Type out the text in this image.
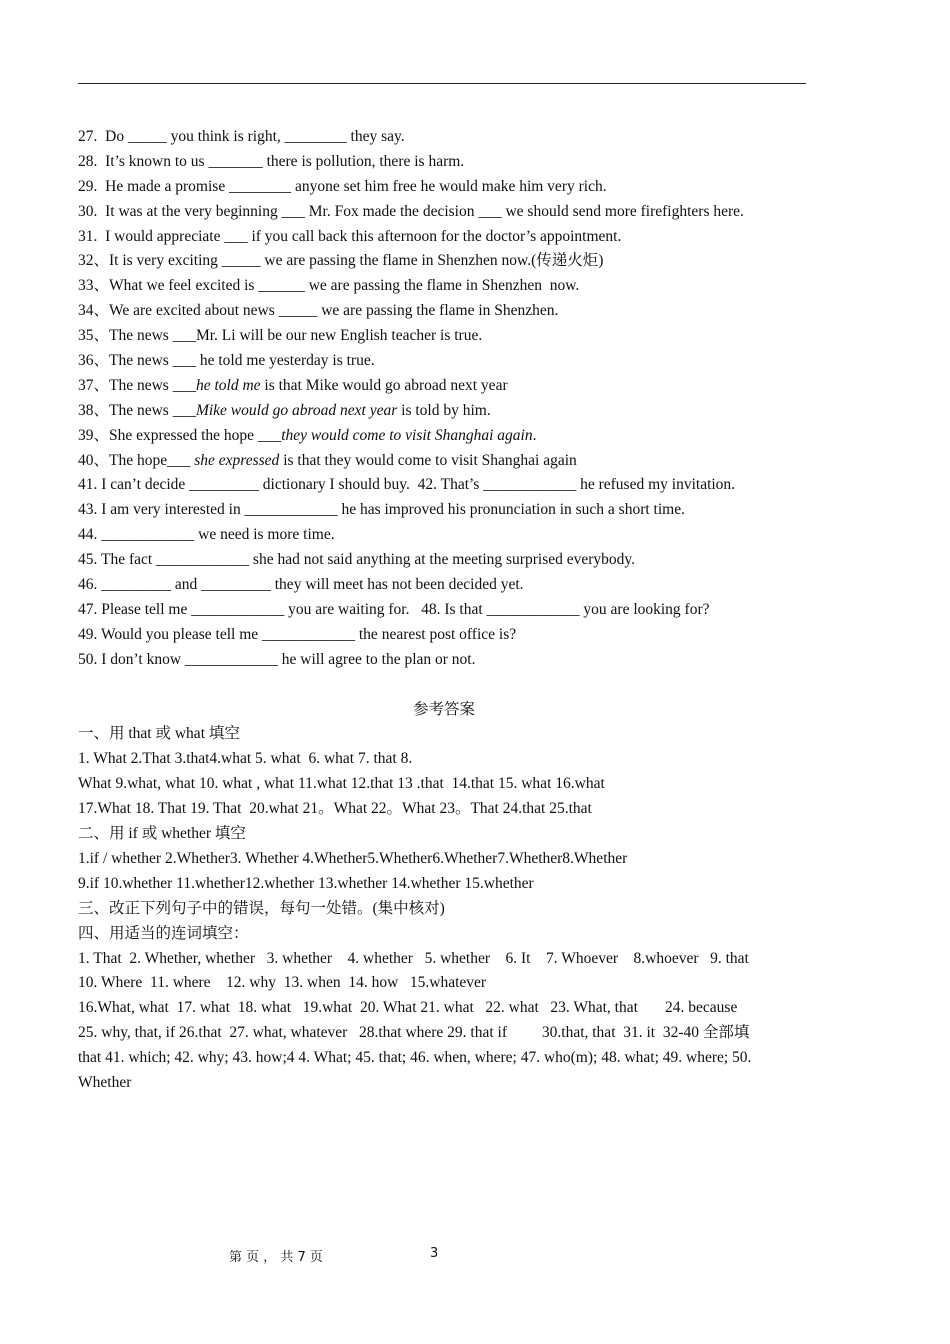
27.  Do _____ you think is right, ________ they say.
28.  It’s known to us _______ there is pollution, there is harm.
29.  He made a promise ________ anyone set him free he would make him very rich.
30.  It was at the very beginning ___ Mr. Fox made the decision ___ we should send more firefighters here.
31.  I would appreciate ___ if you call back this afternoon for the doctor’s appointment.
32、It is very exciting _____ we are passing the flame in Shenzhen now.(传递火炬)
33、What we feel excited is ______ we are passing the flame in Shenzhen  now.
34、We are excited about news _____ we are passing the flame in Shenzhen.
35、The news ___Mr. Li will be our new English teacher is true.
36、The news ___ he told me yesterday is true.
37、The news ___he told me is that Mike would go abroad next year
38、The news ___Mike would go abroad next year is told by him.
39、She expressed the hope ___they would come to visit Shanghai again.
40、The hope___ she expressed is that they would come to visit Shanghai again
41. I can’t decide _________ dictionary I should buy.  42. That’s ____________ he refused my invitation.
43. I am very interested in ____________ he has improved his pronunciation in such a short time.
44. ____________ we need is more time.
45. The fact ____________ she had not said anything at the meeting surprised everybody.
46. _________ and _________ they will meet has not been decided yet.
47. Please tell me ____________ you are waiting for.   48. Is that ____________ you are looking for?
49. Would you please tell me ____________ the nearest post office is?
50. I don’t know ____________ he will agree to the plan or not.
参考答案
一、用 that 或 what 填空
1. What 2.That 3.that4.what 5. what  6. what 7. that 8.
What 9.what, what 10. what , what 11.what 12.that 13 .that  14.that 15. what 16.what
17.What 18. That 19. That  20.what 21。What 22。What 23。That 24.that 25.that
二、用 if 或 whether 填空
1.if / whether 2.Whether3. Whether 4.Whether5.Whether6.Whether7.Whether8.Whether
9.if 10.whether 11.whether12.whether 13.whether 14.whether 15.whether
三、改正下列句子中的错误，每句一处错。(集中核对)
四、用适当的连词填空：
1. That  2. Whether, whether   3. whether    4. whether   5. whether    6. It    7. Whoever    8.whoever   9. that
10. Where  11. where    12. why  13. when  14. how   15.whatever
16.What, what  17. what  18. what   19.what  20. What 21. what   22. what   23. What, that       24. because
25. why, that, if 26.that  27. what, whatever   28.that where 29. that if         30.that, that  31. it  32-40 全部填
that 41. which; 42. why; 43. how;4 4. What; 45. that; 46. when, where; 47. who(m); 48. what; 49. where; 50.
Whether
第 页 ， 共 7 页	3
